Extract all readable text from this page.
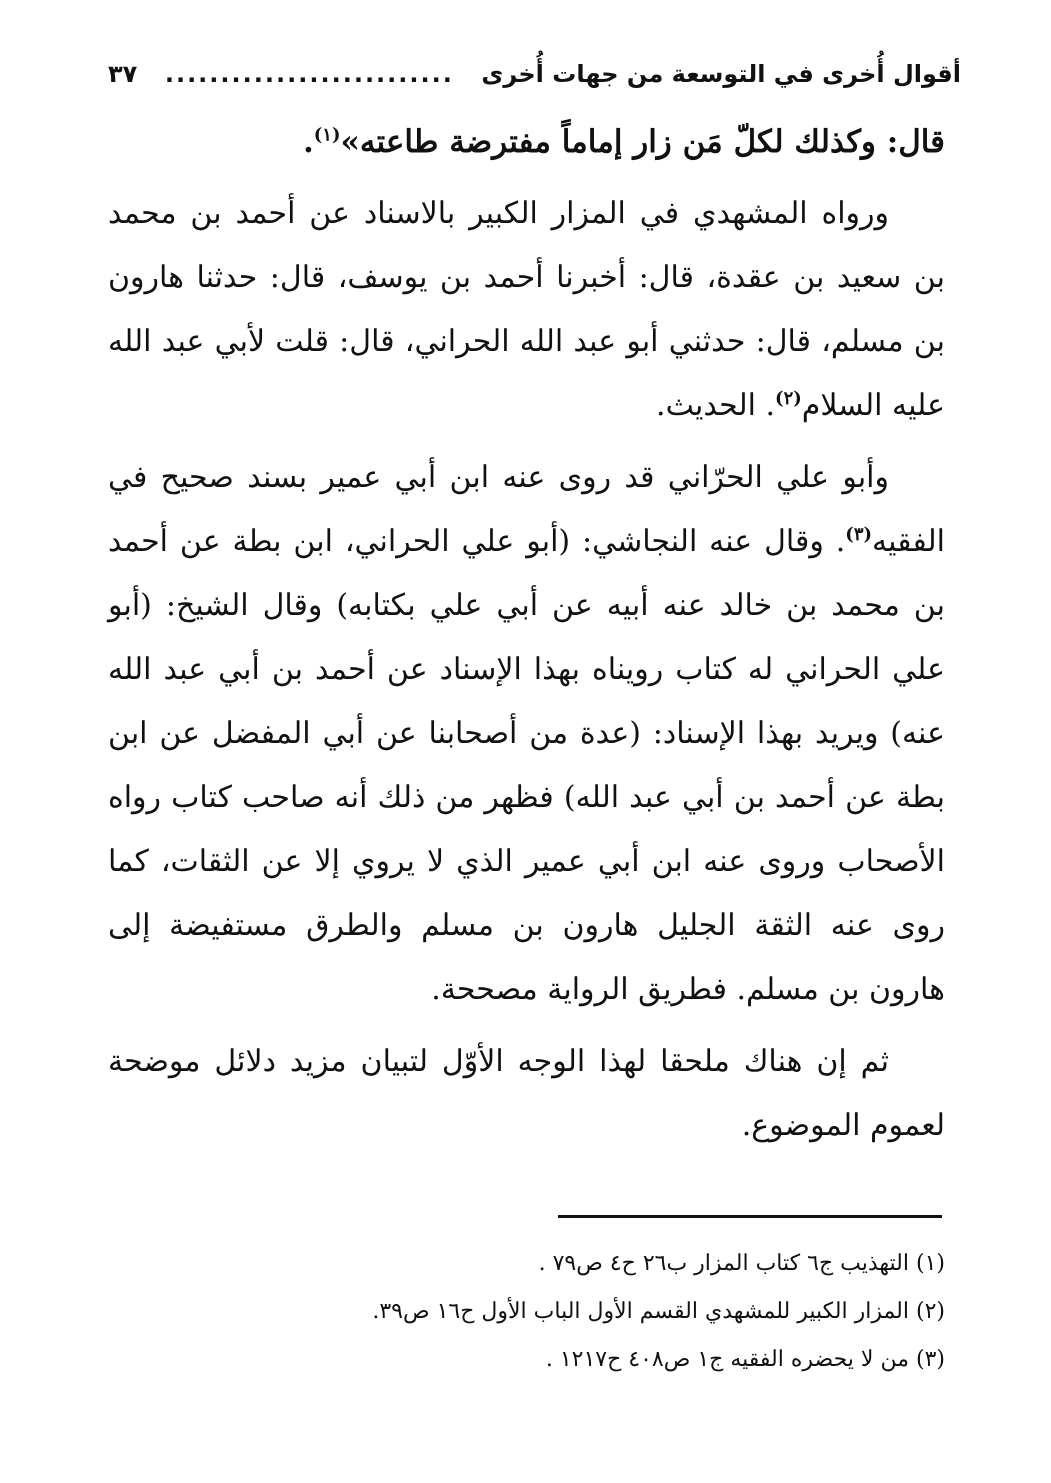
أقوال أُخرى في التوسعة من جهات أُخرى
..........................
٣٧

قال: وكذلك لكلّ مَن زار إماماً مفترضة طاعته»$^{(١)}$.

ورواه المشهدي في المزار الكبير بالاسناد عن أحمد بن محمد بن سعيد بن عقدة، قال: أخبرنا أحمد بن يوسف، قال: حدثنا هارون بن مسلم، قال: حدثني أبو عبد الله الحراني، قال: قلت لأبي عبد الله عليه السلام$^{(٢)}$. الحديث.

وأبو علي الحرّاني قد روى عنه ابن أبي عمير بسند صحيح في الفقيه$^{(٣)}$. وقال عنه النجاشي: (أبو علي الحراني، ابن بطة عن أحمد بن محمد بن خالد عنه أبيه عن أبي علي بكتابه) وقال الشيخ: (أبو علي الحراني له كتاب رويناه بهذا الإسناد عن أحمد بن أبي عبد الله عنه) ويريد بهذا الإسناد: (عدة من أصحابنا عن أبي المفضل عن ابن بطة عن أحمد بن أبي عبد الله) فظهر من ذلك أنه صاحب كتاب رواه الأصحاب وروى عنه ابن أبي عمير الذي لا يروي إلا عن الثقات، كما روى عنه الثقة الجليل هارون بن مسلم والطرق مستفيضة إلى هارون بن مسلم. فطريق الرواية مصححة.

ثم إن هناك ملحقا لهذا الوجه الأوّل لتبيان مزيد دلائل موضحة لعموم الموضوع.

(١) التهذيب ج٦ كتاب المزار ب٢٦ ح٤ ص٧٩ .

(٢) المزار الكبير للمشهدي القسم الأول الباب الأول ح١٦ ص٣٩.

(٣) من لا يحضره الفقيه ج١ ص٤٠٨ ح١٢١٧ .
